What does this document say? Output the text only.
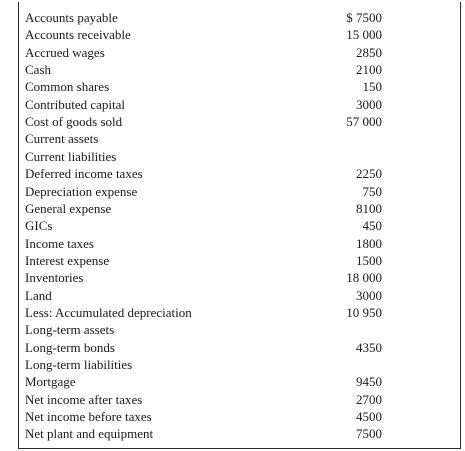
Accounts payable	$ 7500
Accounts receivable	15 000
Accrued wages	2850
Cash	2100
Common shares	150
Contributed capital	3000
Cost of goods sold	57 000
Current assets
Current liabilities
Deferred income taxes	2250
Depreciation expense	750
General expense	8100
GICs	450
Income taxes	1800
Interest expense	1500
Inventories	18 000
Land	3000
Less: Accumulated depreciation	10 950
Long-term assets
Long-term bonds	4350
Long-term liabilities
Mortgage	9450
Net income after taxes	2700
Net income before taxes	4500
Net plant and equipment	7500
